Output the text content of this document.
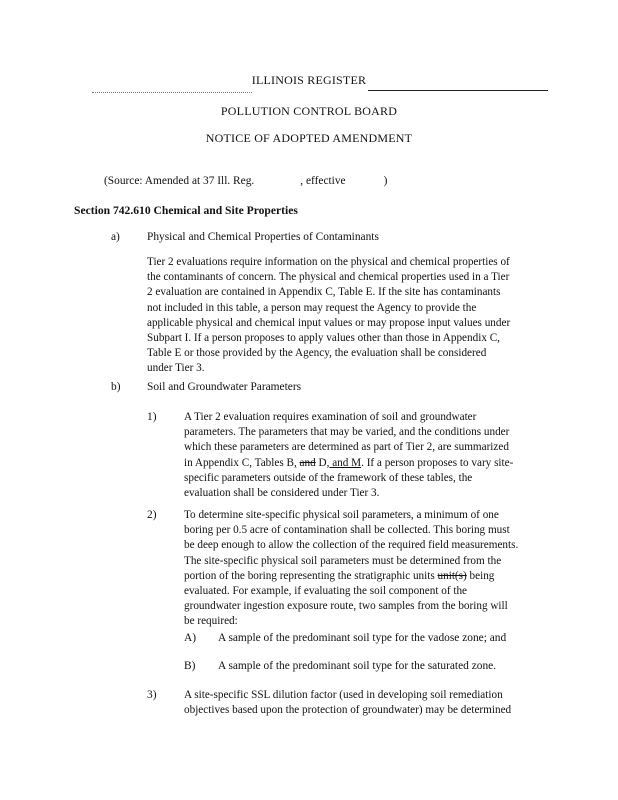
ILLINOIS REGISTER
POLLUTION CONTROL BOARD
NOTICE OF ADOPTED AMENDMENT
(Source: Amended at 37 Ill. Reg.	, effective	)
Section 742.610 Chemical and Site Properties
a) Physical and Chemical Properties of Contaminants
Tier 2 evaluations require information on the physical and chemical properties of
the contaminants of concern. The physical and chemical properties used in a Tier
2 evaluation are contained in Appendix C, Table E. If the site has contaminants
not included in this table, a person may request the Agency to provide the
applicable physical and chemical input values or may propose input values under
Subpart I. If a person proposes to apply values other than those in Appendix C,
Table E or those provided by the Agency, the evaluation shall be considered
under Tier 3.
b) Soil and Groundwater Parameters
1) A Tier 2 evaluation requires examination of soil and groundwater
parameters. The parameters that may be varied, and the conditions under
which these parameters are determined as part of Tier 2, are summarized
in Appendix C, Tables B, and D, and M. If a person proposes to vary site-
specific parameters outside of the framework of these tables, the
evaluation shall be considered under Tier 3.
2) To determine site-specific physical soil parameters, a minimum of one
boring per 0.5 acre of contamination shall be collected. This boring must
be deep enough to allow the collection of the required field measurements.
The site-specific physical soil parameters must be determined from the
portion of the boring representing the stratigraphic units unit(s) being
evaluated. For example, if evaluating the soil component of the
groundwater ingestion exposure route, two samples from the boring will
be required:
A) A sample of the predominant soil type for the vadose zone; and
B) A sample of the predominant soil type for the saturated zone.
3) A site-specific SSL dilution factor (used in developing soil remediation
objectives based upon the protection of groundwater) may be determined
